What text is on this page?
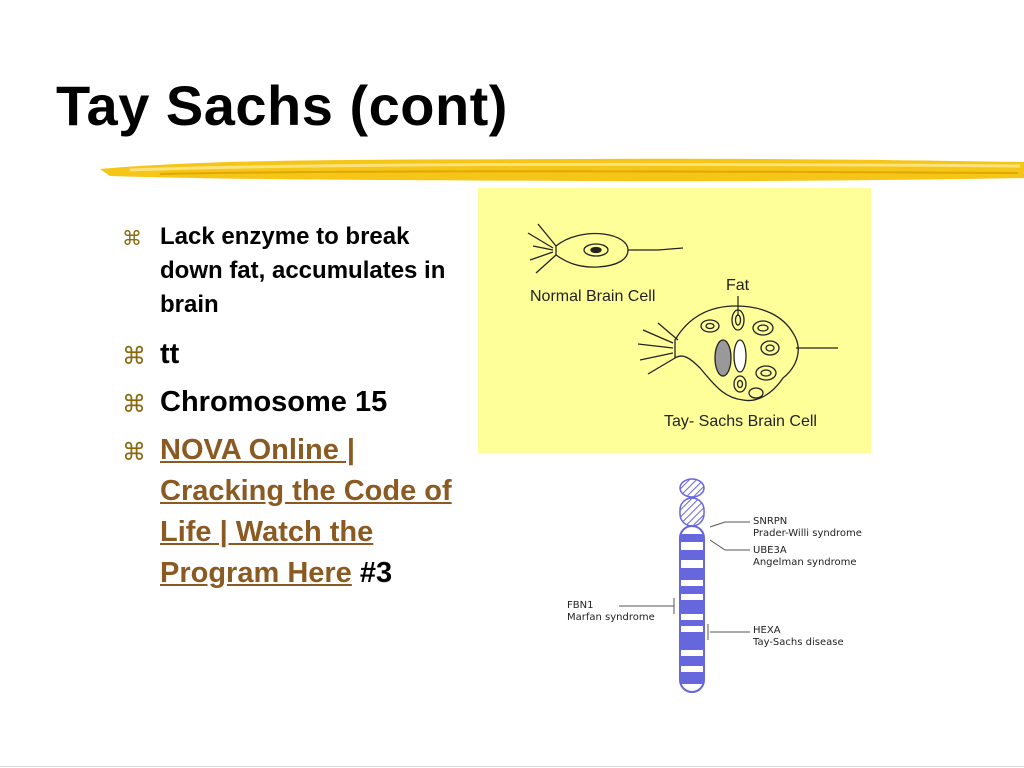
Tay Sachs (cont)
⌘ Lack enzyme to break down fat, accumulates in brain
⌘ tt
⌘ Chromosome 15
⌘ NOVA Online | Cracking the Code of Life | Watch the Program Here #3
Normal Brain Cell
Fat
Tay- Sachs Brain Cell
SNRPN
Prader-Willi syndrome
UBE3A
Angelman syndrome
FBN1
Marfan syndrome
HEXA
Tay-Sachs disease
